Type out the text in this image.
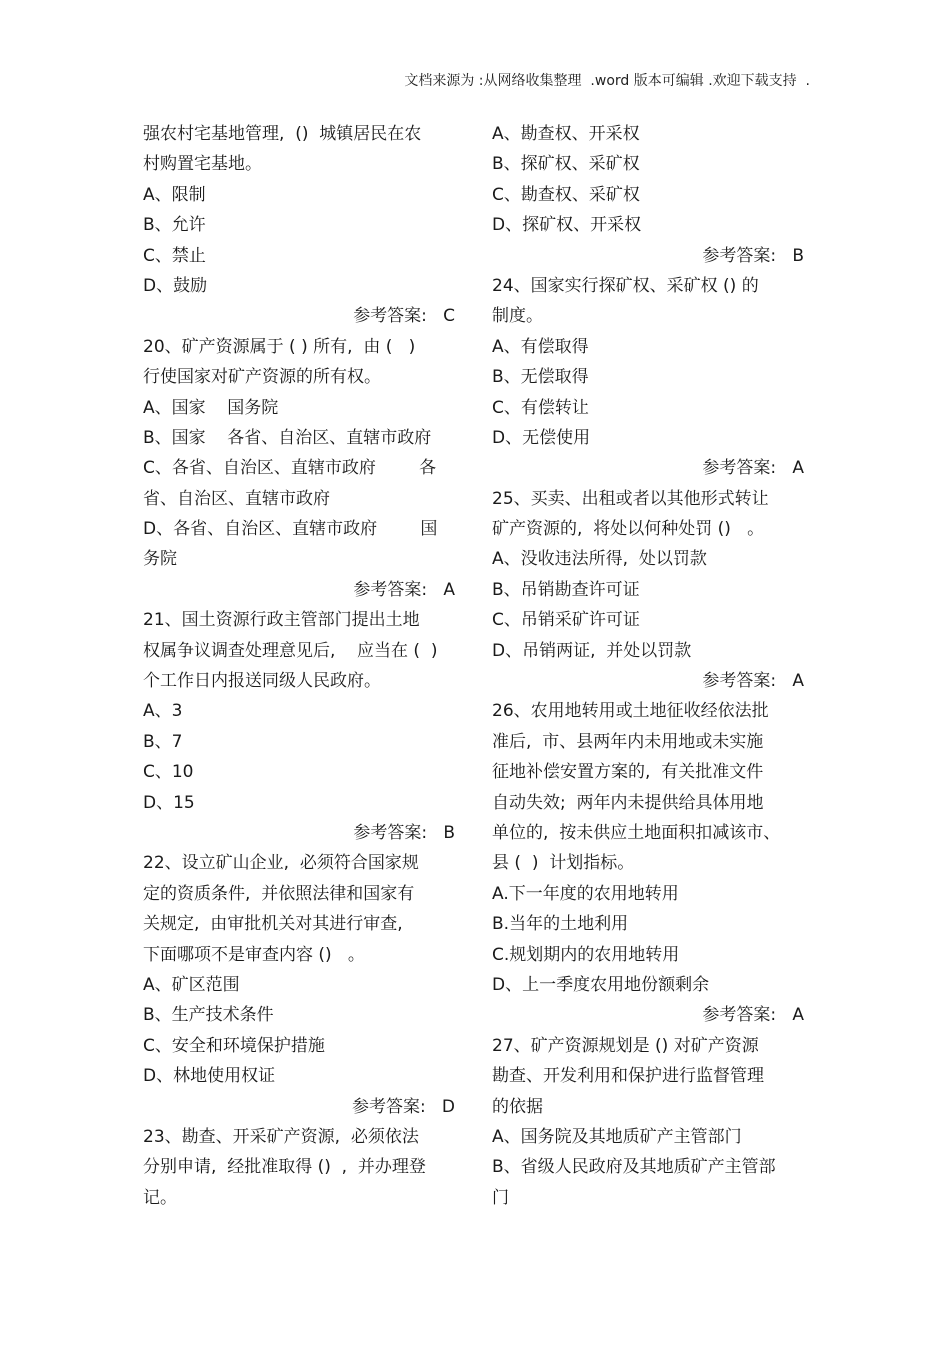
文档来源为 :从网络收集整理  .word 版本可编辑 .欢迎下载支持  .
强农村宅基地管理,  ()  城镇居民在农
村购置宅基地。
A、限制
B、允许
C、禁止
D、鼓励
参考答案:   C
20、矿产资源属于 ( ) 所有,  由 (   )
行使国家对矿产资源的所有权。
A、国家    国务院
B、国家    各省、自治区、直辖市政府
C、各省、自治区、直辖市政府        各
省、自治区、直辖市政府
D、各省、自治区、直辖市政府        国
务院
参考答案:   A
21、国土资源行政主管部门提出土地
权属争议调查处理意见后,    应当在 (  )
个工作日内报送同级人民政府。
A、3
B、7
C、10
D、15
参考答案:   B
22、设立矿山企业,  必须符合国家规
定的资质条件,  并依照法律和国家有
关规定,  由审批机关对其进行审查,
下面哪项不是审查内容 ()   。
A、矿区范围
B、生产技术条件
C、安全和环境保护措施
D、林地使用权证
参考答案:   D
23、勘查、开采矿产资源,  必须依法
分别申请,  经批准取得 ()  ,  并办理登
记。
A、勘查权、开采权
B、探矿权、采矿权
C、勘查权、采矿权
D、探矿权、开采权
参考答案:   B
24、国家实行探矿权、采矿权 () 的
制度。
A、有偿取得
B、无偿取得
C、有偿转让
D、无偿使用
参考答案:   A
25、买卖、出租或者以其他形式转让
矿产资源的,  将处以何种处罚 ()   。
A、没收违法所得,  处以罚款
B、吊销勘查许可证
C、吊销采矿许可证
D、吊销两证,  并处以罚款
参考答案:   A
26、农用地转用或土地征收经依法批
准后,  市、县两年内未用地或未实施
征地补偿安置方案的,  有关批准文件
自动失效;  两年内未提供给具体用地
单位的,  按未供应土地面积扣减该市、
县 (  )  计划指标。
A.下一年度的农用地转用
B.当年的土地利用
C.规划期内的农用地转用
D、上一季度农用地份额剩余
参考答案:   A
27、矿产资源规划是 () 对矿产资源
勘查、开发利用和保护进行监督管理
的依据
A、国务院及其地质矿产主管部门
B、省级人民政府及其地质矿产主管部
门
